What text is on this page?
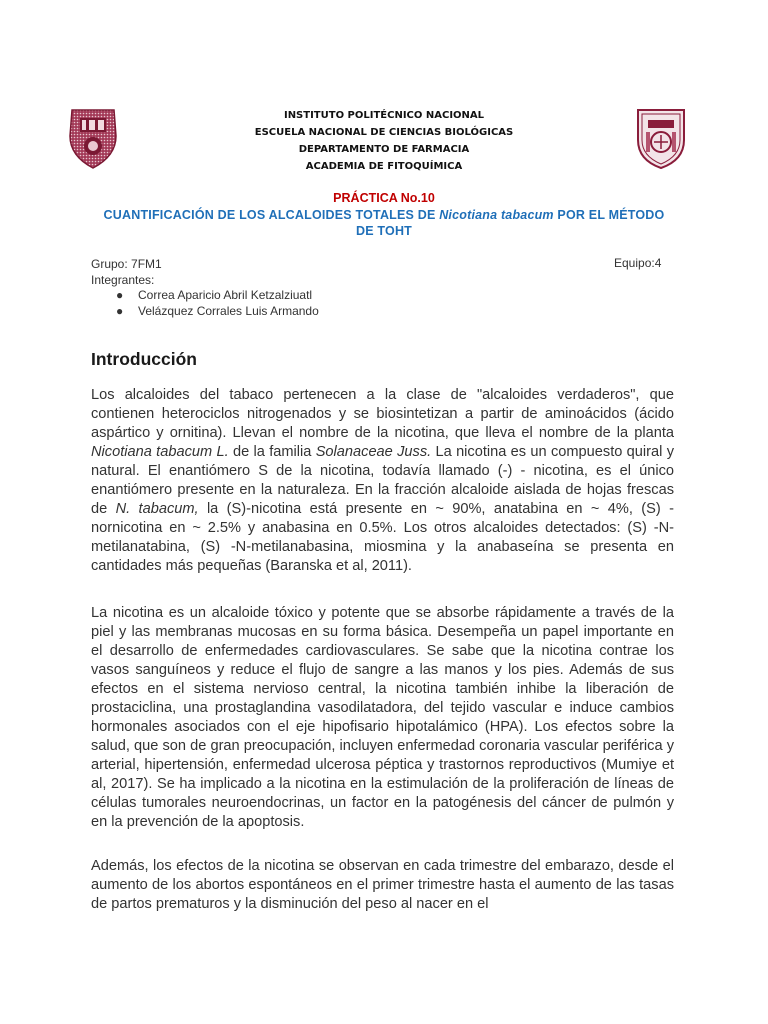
INSTITUTO POLITÉCNICO NACIONAL
ESCUELA NACIONAL DE CIENCIAS BIOLÓGICAS
DEPARTAMENTO DE FARMACIA
ACADEMIA DE FITOQUÍMICA
PRÁCTICA No.10
CUANTIFICACIÓN DE LOS ALCALOIDES TOTALES DE Nicotiana tabacum POR EL MÉTODO DE TOHT
Grupo: 7FM1	Equipo:4
Integrantes:
● Correa Aparicio Abril Ketzalziuatl
● Velázquez Corrales Luis Armando
Introducción
Los alcaloides del tabaco pertenecen a la clase de "alcaloides verdaderos", que contienen heterociclos nitrogenados y se biosintetizan a partir de aminoácidos (ácido aspártico y ornitina). Llevan el nombre de la nicotina, que lleva el nombre de la planta Nicotiana tabacum L. de la familia Solanaceae Juss. La nicotina es un compuesto quiral y natural. El enantiómero S de la nicotina, todavía llamado (-) - nicotina, es el único enantiómero presente en la naturaleza. En la fracción alcaloide aislada de hojas frescas de N. tabacum, la (S)-nicotina está presente en ~ 90%, anatabina en ~ 4%, (S) -nornicotina en ~ 2.5% y anabasina en 0.5%. Los otros alcaloides detectados: (S) -N-metilanatabina, (S) -N-metilanabasina, miosmina y la anabaseína se presenta en cantidades más pequeñas (Baranska et al, 2011).
La nicotina es un alcaloide tóxico y potente que se absorbe rápidamente a través de la piel y las membranas mucosas en su forma básica. Desempeña un papel importante en el desarrollo de enfermedades cardiovasculares. Se sabe que la nicotina contrae los vasos sanguíneos y reduce el flujo de sangre a las manos y los pies. Además de sus efectos en el sistema nervioso central, la nicotina también inhibe la liberación de prostaciclina, una prostaglandina vasodilatadora, del tejido vascular e induce cambios hormonales asociados con el eje hipofisario hipotalámico (HPA). Los efectos sobre la salud, que son de gran preocupación, incluyen enfermedad coronaria vascular periférica y arterial, hipertensión, enfermedad ulcerosa péptica y trastornos reproductivos (Mumiye et al, 2017). Se ha implicado a la nicotina en la estimulación de la proliferación de líneas de células tumorales neuroendocrinas, un factor en la patogénesis del cáncer de pulmón y en la prevención de la apoptosis.
Además, los efectos de la nicotina se observan en cada trimestre del embarazo, desde el aumento de los abortos espontáneos en el primer trimestre hasta el aumento de las tasas de partos prematuros y la disminución del peso al nacer en el
